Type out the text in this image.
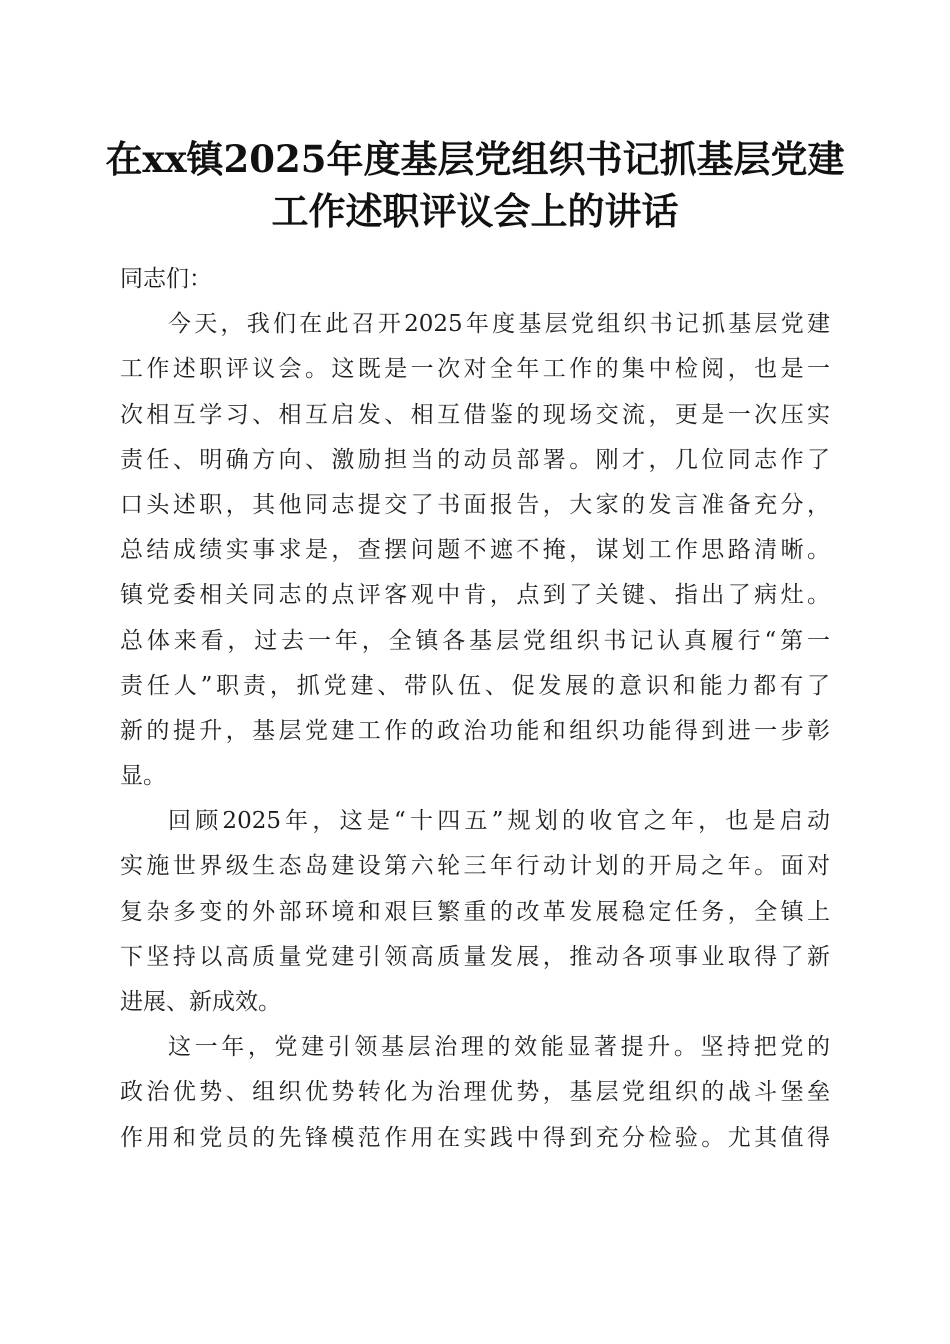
在xx镇2025年度基层党组织书记抓基层党建
工作述职评议会上的讲话
同志们：
今天，我们在此召开2025年度基层党组织书记抓基层党建
工作述职评议会。这既是一次对全年工作的集中检阅，也是一
次相互学习、相互启发、相互借鉴的现场交流，更是一次压实
责任、明确方向、激励担当的动员部署。刚才，几位同志作了
口头述职，其他同志提交了书面报告，大家的发言准备充分，
总结成绩实事求是，查摆问题不遮不掩，谋划工作思路清晰。
镇党委相关同志的点评客观中肯，点到了关键、指出了病灶。
总体来看，过去一年，全镇各基层党组织书记认真履行“第一
责任人”职责，抓党建、带队伍、促发展的意识和能力都有了
新的提升，基层党建工作的政治功能和组织功能得到进一步彰
显。
回顾2025年，这是“十四五”规划的收官之年，也是启动
实施世界级生态岛建设第六轮三年行动计划的开局之年。面对
复杂多变的外部环境和艰巨繁重的改革发展稳定任务，全镇上
下坚持以高质量党建引领高质量发展，推动各项事业取得了新
进展、新成效。
这一年，党建引领基层治理的效能显著提升。坚持把党的
政治优势、组织优势转化为治理优势，基层党组织的战斗堡垒
作用和党员的先锋模范作用在实践中得到充分检验。尤其值得
